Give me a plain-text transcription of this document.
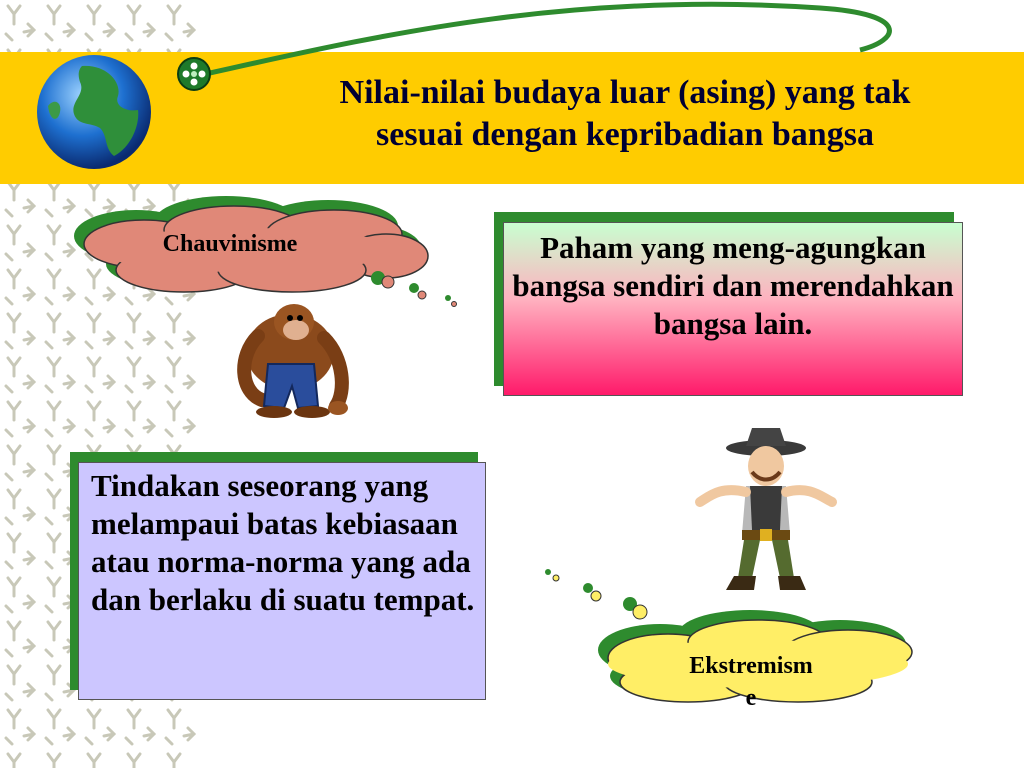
Nilai-nilai budaya luar (asing) yang tak
sesuai dengan kepribadian bangsa
Chauvinisme	Paham yang meng-agungkan bangsa sendiri dan merendahkan bangsa lain.
Tindakan seseorang yang melampaui batas kebiasaan atau norma-norma yang ada dan berlaku di suatu tempat.
Ekstremism
e
